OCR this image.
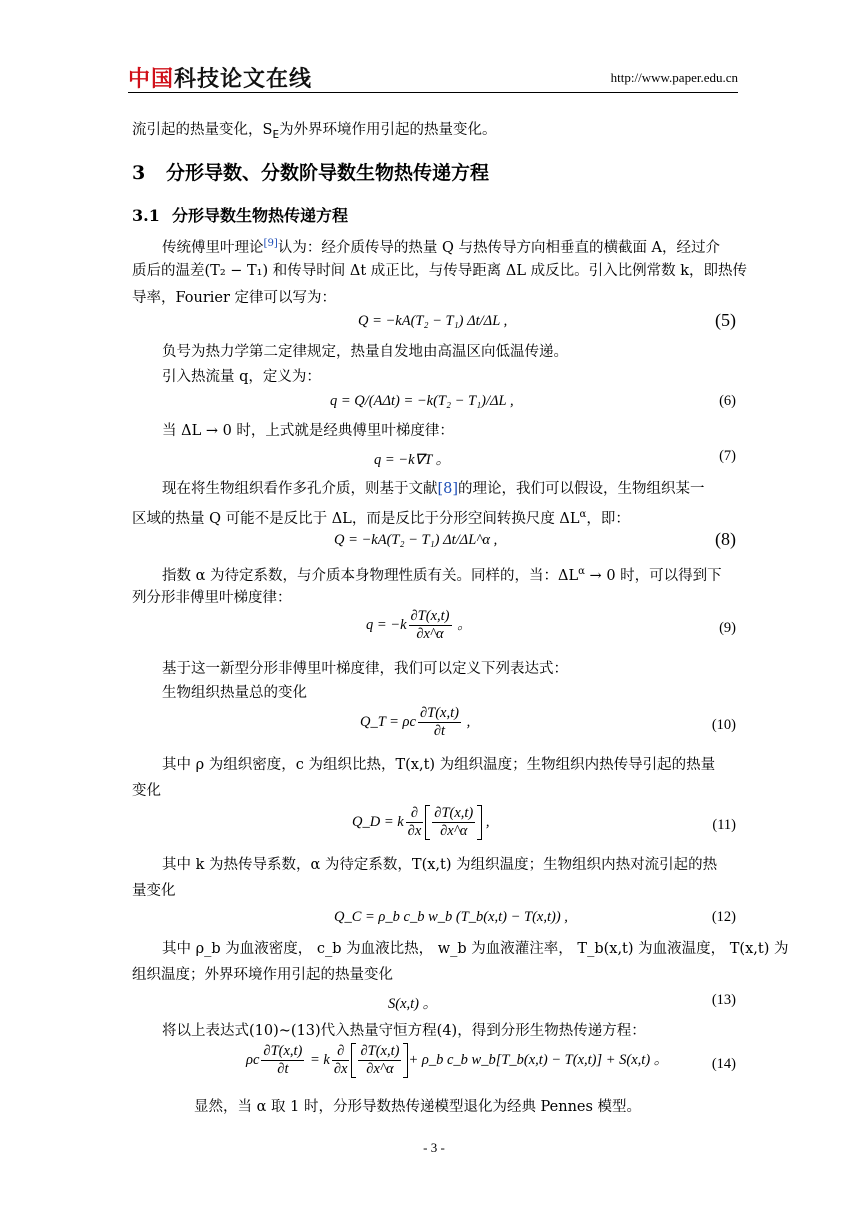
中国科技论文在线	http://www.paper.edu.cn
流引起的热量变化，$S_E$为外界环境作用引起的热量变化。
3 分形导数、分数阶导数生物热传递方程
3.1 分形导数生物热传递方程
传统傅里叶理论[9]认为：经介质传导的热量 Q 与热传导方向相垂直的横截面 A，经过介
质后的温差(T₂ − T₁) 和传导时间 Δt 成正比，与传导距离 ΔL 成反比。引入比例常数 k，即热传
导率，Fourier 定律可以写为：
Q = −kA(T₂ − T₁) Δt/ΔL ,	(5)
负号为热力学第二定律规定，热量自发地由高温区向低温传递。
引入热流量 q，定义为：
q = Q/(AΔt) = −k(T₂ − T₁)/ΔL ,	(6)
当 ΔL → 0 时，上式就是经典傅里叶梯度律：
q = −k∇T 。	(7)
现在将生物组织看作多孔介质，则基于文献[8]的理论，我们可以假设，生物组织某一
区域的热量 Q 可能不是反比于 ΔL，而是反比于分形空间转换尺度 $\Delta L^\alpha$，即：
Q = −kA(T₂ − T₁) Δt/ΔL^α ,	(8)
指数 α 为待定系数，与介质本身物理性质有关。同样的，当：$\Delta L^\alpha \to 0$ 时，可以得到下
列分形非傅里叶梯度律：
$q = -k \frac{\partial T(x,t)}{\partial x\^{}\alpha}$ 。	(9)
基于这一新型分形非傅里叶梯度律，我们可以定义下列表达式：
生物组织热量总的变化
Q_T = ρc $\frac{\partial T(x,t)}{\partial t}$ ,	(10)
其中 ρ 为组织密度，c 为组织比热，T(x,t) 为组织温度；生物组织内热传导引起的热量
变化
Q_D = k $\frac{\partial}{\partial x} \frac{\partial T(x,t)}{\partial x\^{}\alpha}$ ,	(11)
其中 k 为热传导系数，α 为待定系数，T(x,t) 为组织温度；生物组织内热对流引起的热
量变化
Q_C = ρ_b c_b w_b (T_b(x,t) − T(x,t)) ,	(12)
其中 ρ_b 为血液密度， c_b 为血液比热， w_b 为血液灌注率， T_b(x,t) 为血液温度， T(x,t) 为
组织温度；外界环境作用引起的热量变化
S(x,t) 。	(13)
将以上表达式(10)~(13)代入热量守恒方程(4)，得到分形生物热传递方程：
ρc $\frac{\partial T(x,t)}{\partial t} = k \frac{\partial}{\partial x} \frac{\partial T(x,t)}{\partial x\^{}\alpha}$ + ρ_b c_b w_b[T_b(x,t) − T(x,t)] + S(x,t) 。	(14)
显然，当 α 取 1 时，分形导数热传递模型退化为经典 Pennes 模型。
- 3 -
